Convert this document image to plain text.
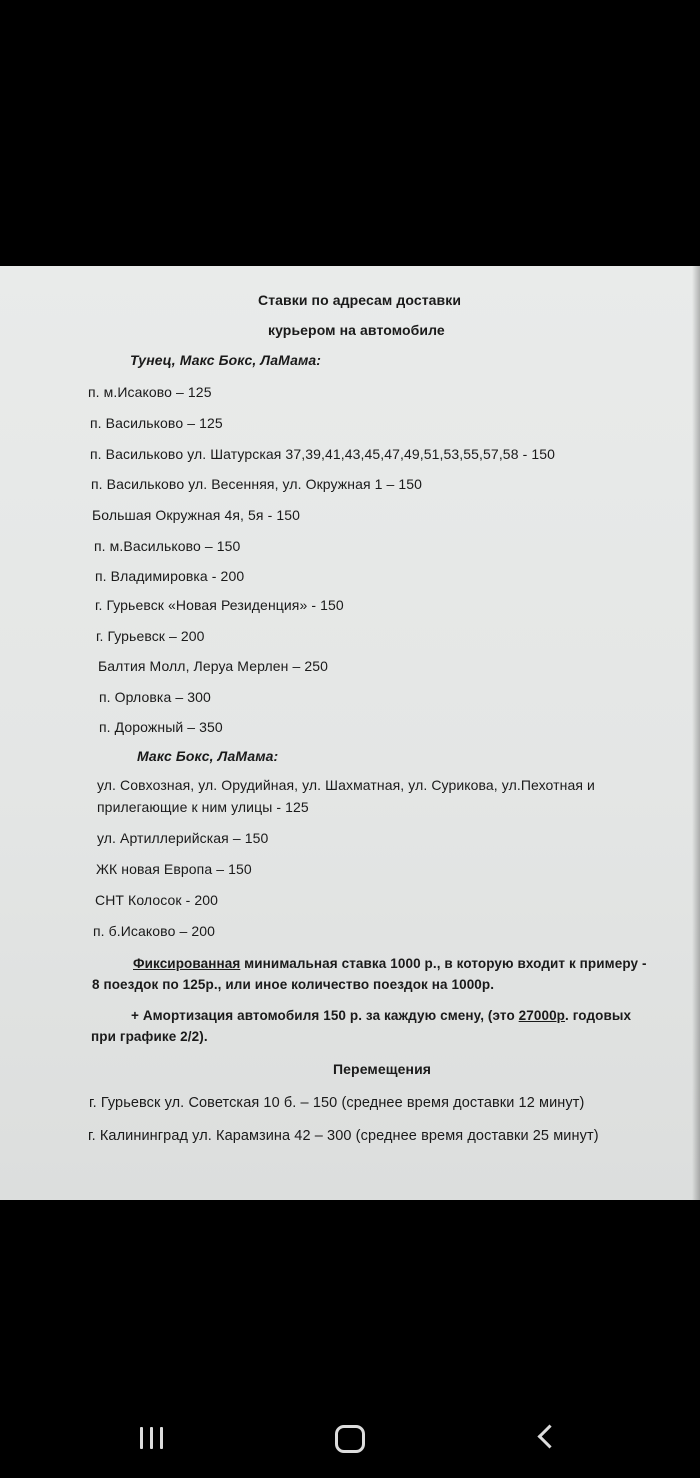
Ставки по адресам доставки
курьером на автомобиле
Тунец, Макс Бокс, ЛаМама:
п. м.Исаково – 125
п. Васильково – 125
п. Васильково ул. Шатурская 37,39,41,43,45,47,49,51,53,55,57,58 - 150
п. Васильково ул. Весенняя, ул. Окружная 1 – 150
Большая Окружная 4я, 5я - 150
п. м.Васильково – 150
п. Владимировка - 200
г. Гурьевск «Новая Резиденция» - 150
г. Гурьевск – 200
Балтия Молл, Леруа Мерлен – 250
п. Орловка – 300
п. Дорожный – 350
Макс Бокс, ЛаМама:
ул. Совхозная, ул. Орудийная, ул. Шахматная, ул. Сурикова, ул.Пехотная и
прилегающие к ним улицы - 125
ул. Артиллерийская – 150
ЖК новая Европа – 150
СНТ Колосок - 200
п. б.Исаково – 200
Фиксированная минимальная ставка 1000 р., в которую входит к примеру -
8 поездок по 125р., или иное количество поездок на 1000р.
+ Амортизация автомобиля 150 р. за каждую смену, (это 27000р. годовых
при графике 2/2).
Перемещения
г. Гурьевск ул. Советская 10 б. – 150 (среднее время доставки 12 минут)
г. Калининград ул. Карамзина 42 – 300 (среднее время доставки 25 минут)
